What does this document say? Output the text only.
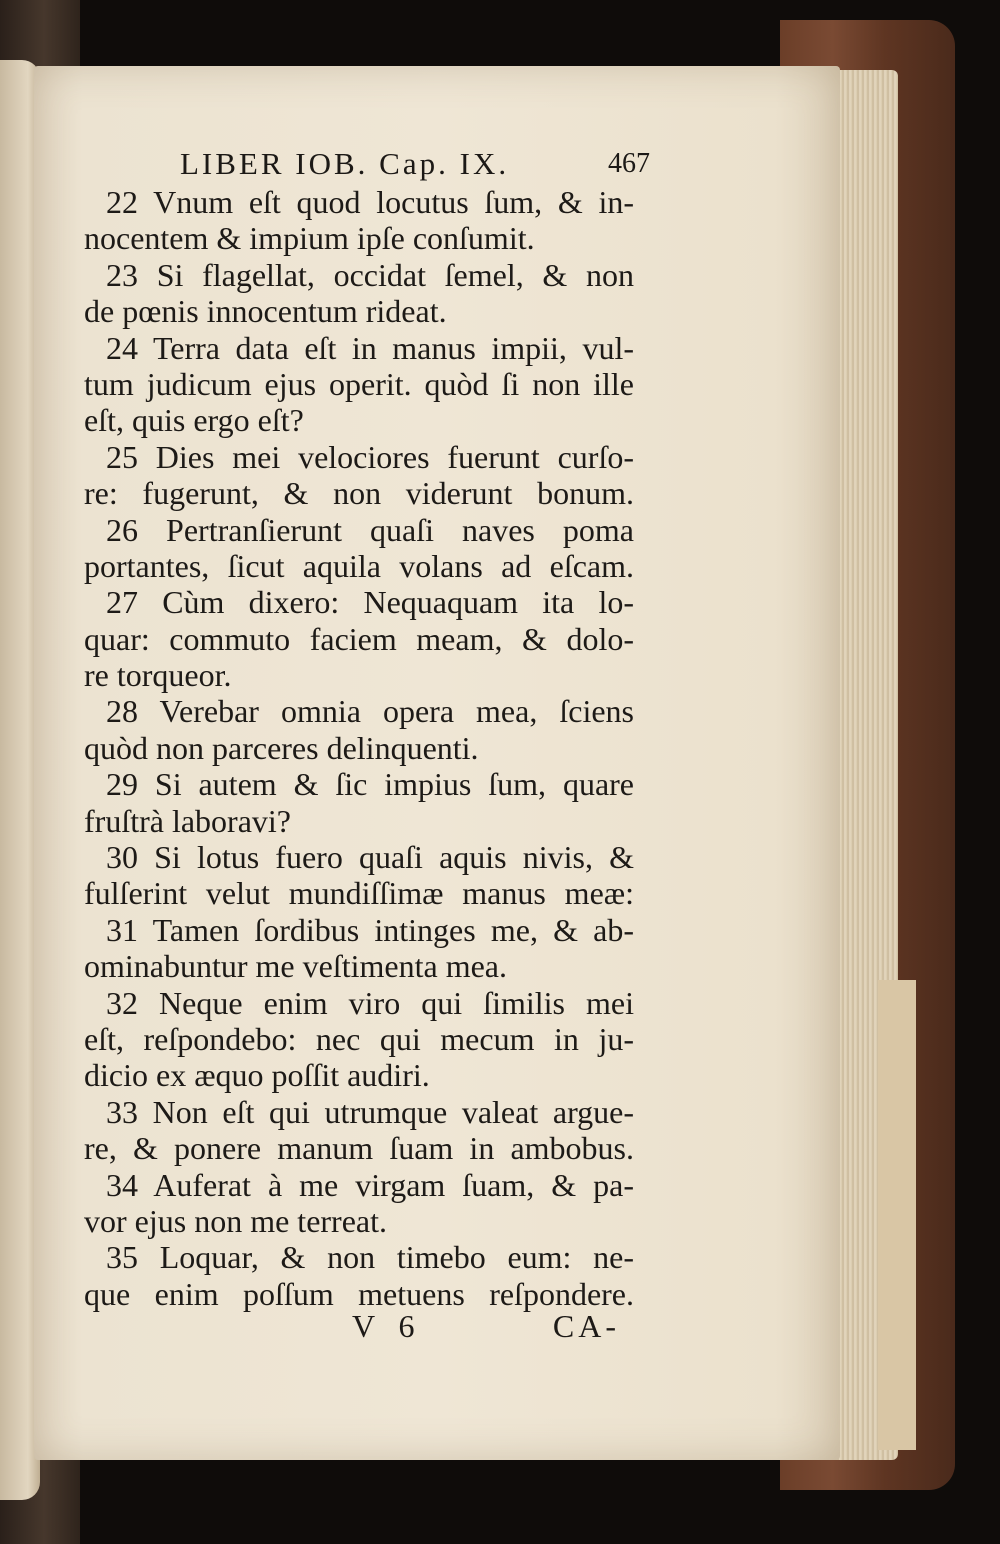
LIBER IOB. Cap. IX.	467
22 Vnum eſt quod locutus ſum, & in-
nocentem & impium ipſe conſumit.
23 Si flagellat, occidat ſemel, & non
de pœnis innocentum rideat.
24 Terra data eſt in manus impii, vul-
tum judicum ejus operit. quòd ſi non ille
eſt, quis ergo eſt?
25 Dies mei velociores fuerunt curſo-
re: fugerunt, & non viderunt bonum.
26 Pertranſierunt quaſi naves poma
portantes, ſicut aquila volans ad eſcam.
27 Cùm dixero: Nequaquam ita lo-
quar: commuto faciem meam, & dolo-
re torqueor.
28 Verebar omnia opera mea, ſciens
quòd non parceres delinquenti.
29 Si autem & ſic impius ſum, quare
fruſtrà laboravi?
30 Si lotus fuero quaſi aquis nivis, &
fulſerint velut mundiſſimæ manus meæ:
31 Tamen ſordibus intinges me, & ab-
ominabuntur me veſtimenta mea.
32 Neque enim viro qui ſimilis mei
eſt, reſpondebo: nec qui mecum in ju-
dicio ex æquo poſſit audiri.
33 Non eſt qui utrumque valeat argue-
re, & ponere manum ſuam in ambobus.
34 Auferat à me virgam ſuam, & pa-
vor ejus non me terreat.
35 Loquar, & non timebo eum: ne-
que enim poſſum metuens reſpondere.
V 6	CA-
